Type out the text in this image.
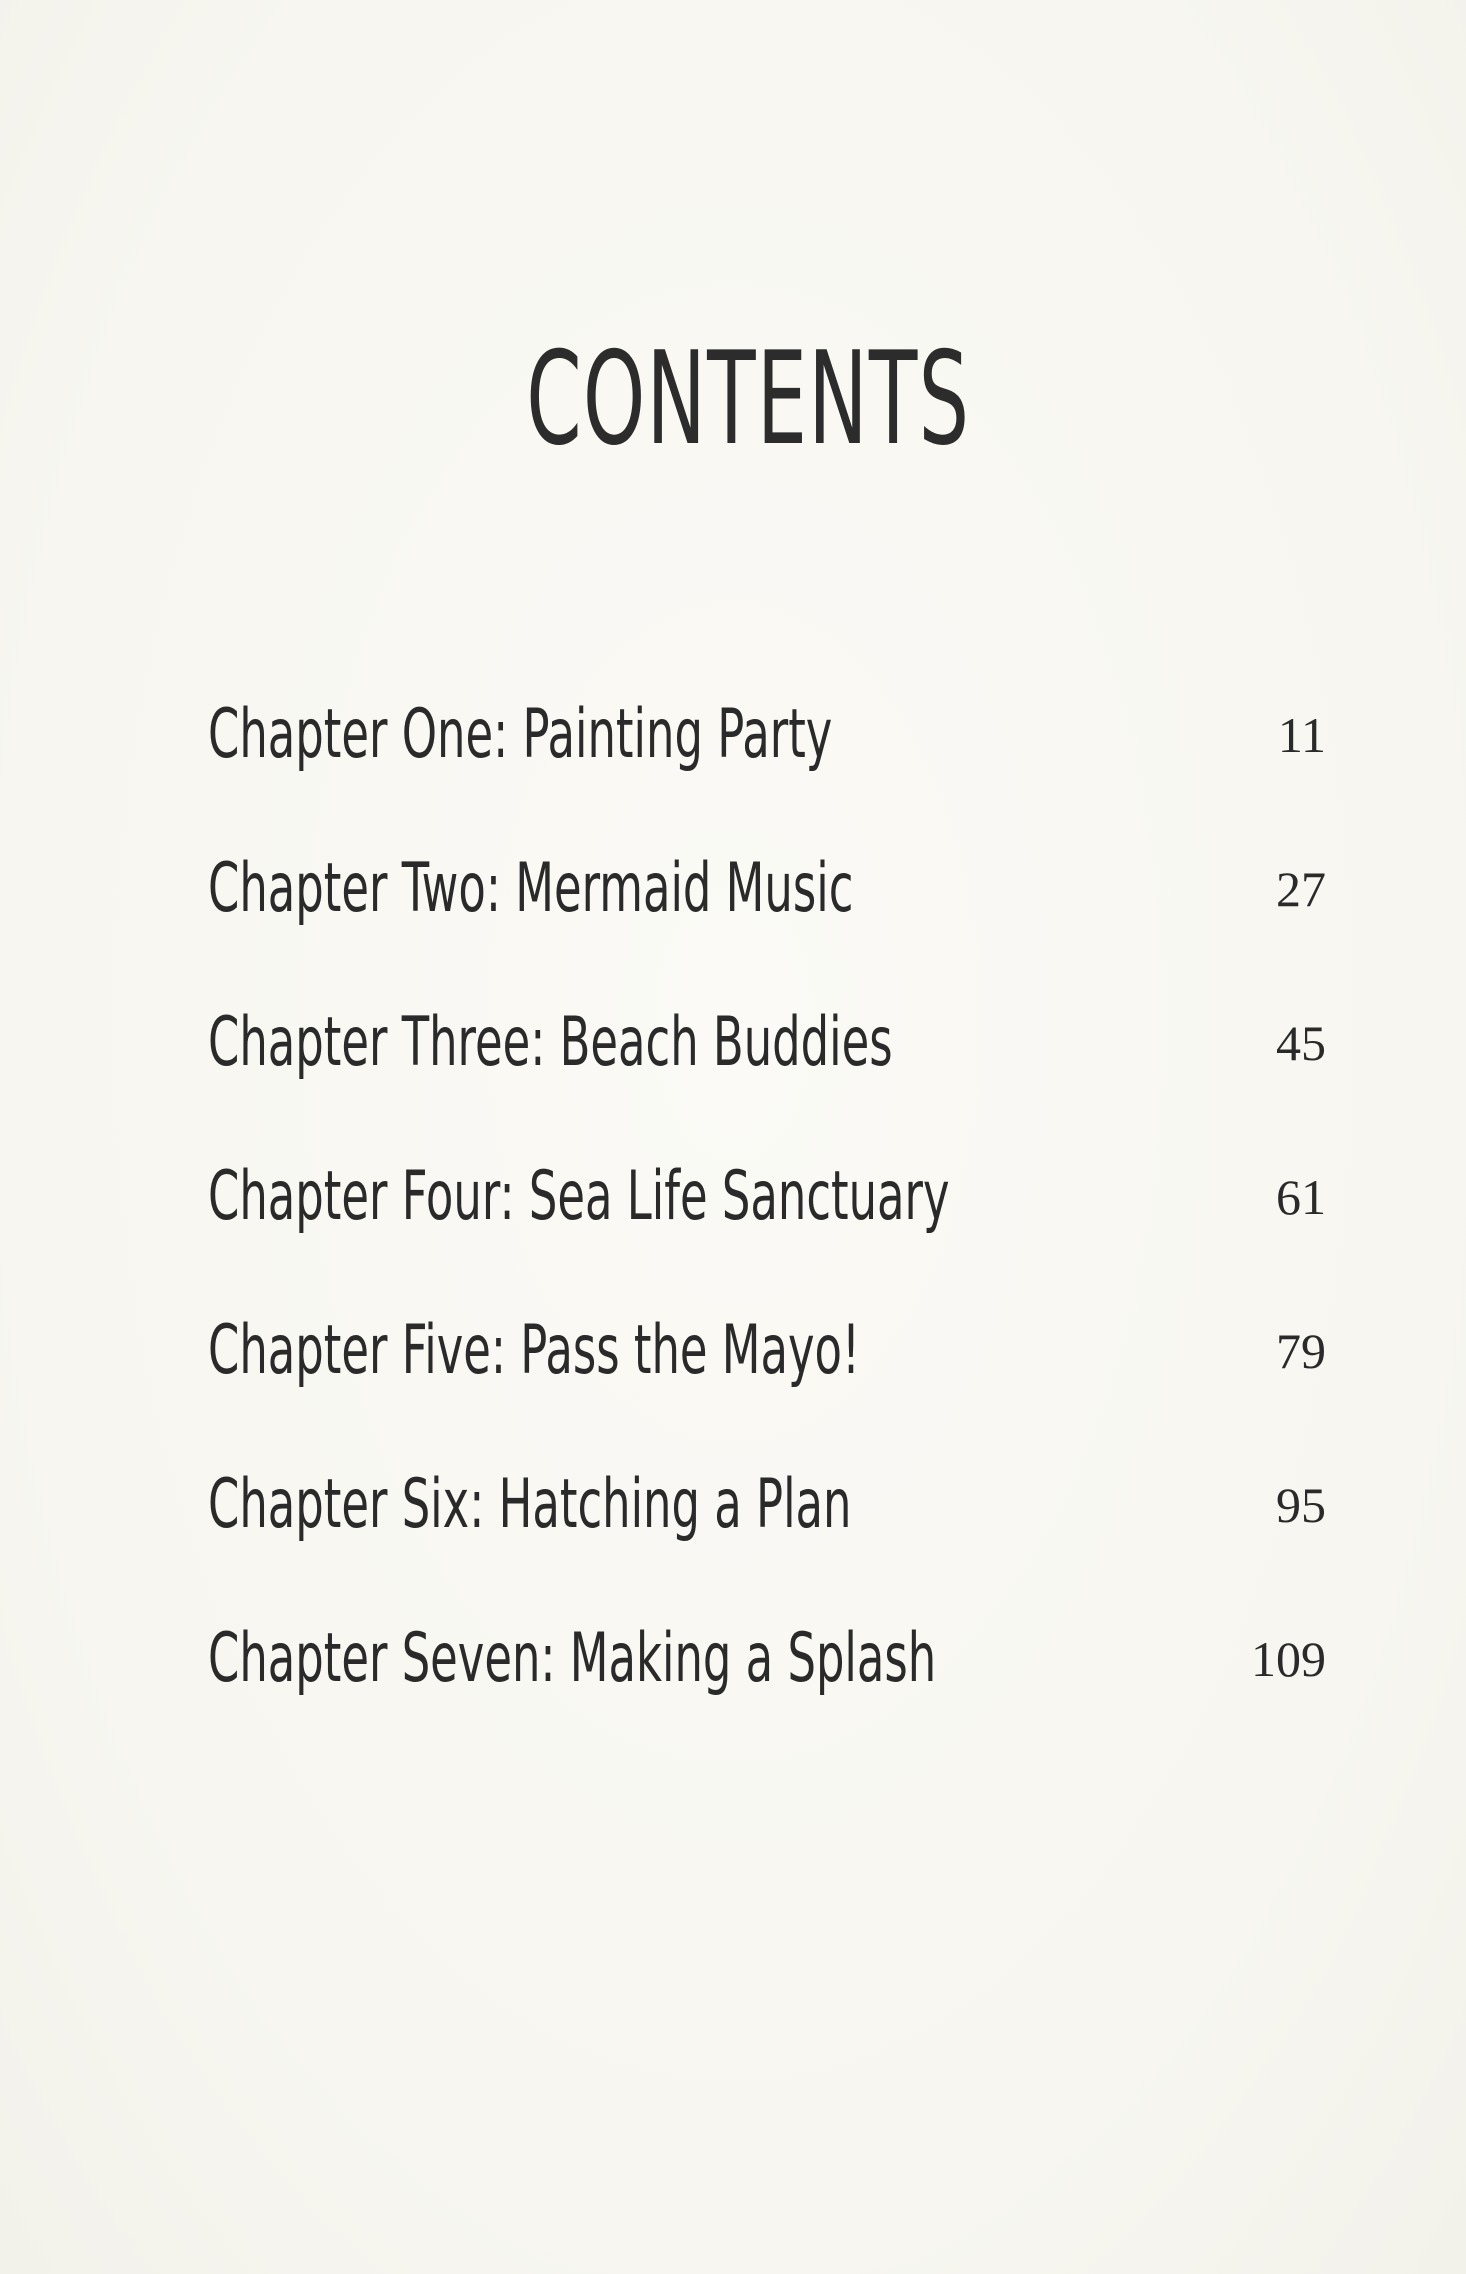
CONTENTS
Chapter One: Painting Party	11
Chapter Two: Mermaid Music	27
Chapter Three: Beach Buddies	45
Chapter Four: Sea Life Sanctuary	61
Chapter Five: Pass the Mayo!	79
Chapter Six: Hatching a Plan	95
Chapter Seven: Making a Splash	109
